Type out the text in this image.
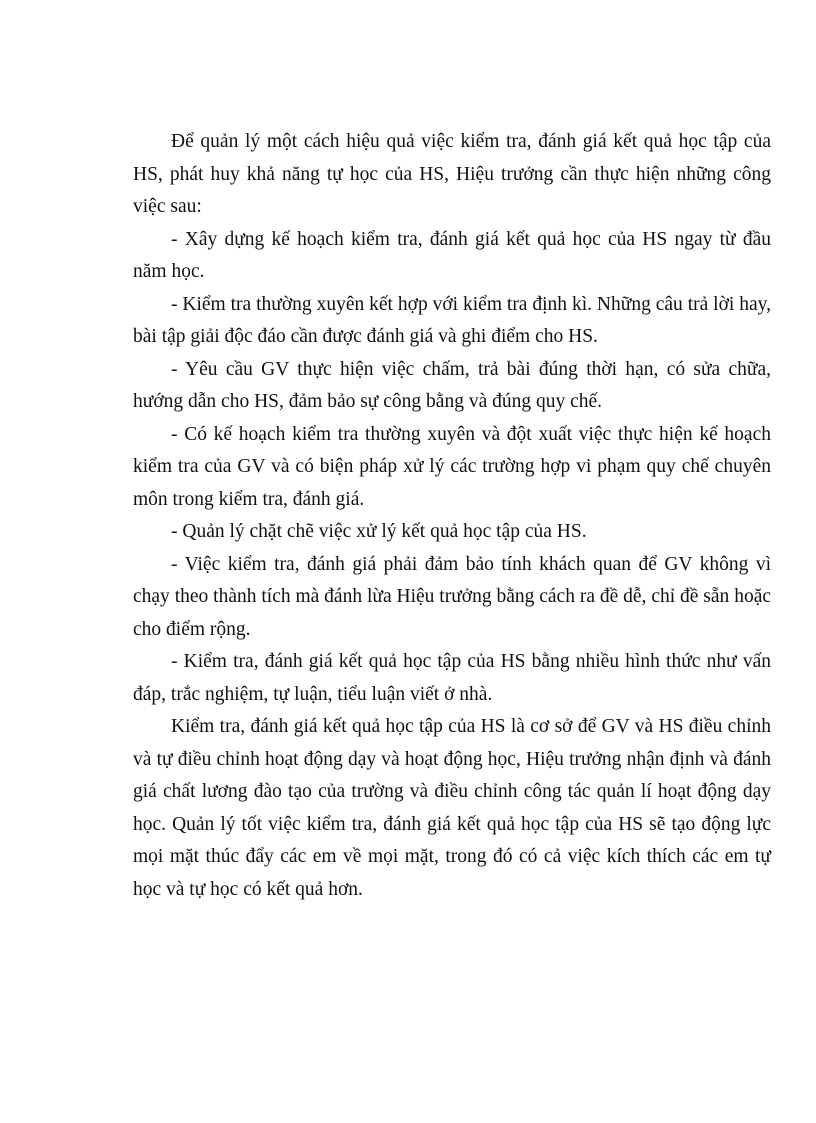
Để quản lý một cách hiệu quả việc kiểm tra, đánh giá kết quả học tập của HS, phát huy khả năng tự học của HS, Hiệu trưởng cần thực hiện những công việc sau:

- Xây dựng kế hoạch kiểm tra, đánh giá kết quả học của HS ngay từ đầu năm học.

- Kiểm tra thường xuyên kết hợp với kiểm tra định kì. Những câu trả lời hay, bài tập giải độc đáo cần được đánh giá và ghi điểm cho HS.

- Yêu cầu GV thực hiện việc chấm, trả bài đúng thời hạn, có sửa chữa, hướng dẫn cho HS, đảm bảo sự công bằng và đúng quy chế.

- Có kế hoạch kiểm tra thường xuyên và đột xuất việc thực hiện kế hoạch kiểm tra của GV và có biện pháp xử lý các trường hợp vi phạm quy chế chuyên môn trong kiểm tra, đánh giá.

- Quản lý chặt chẽ việc xử lý kết quả học tập của HS.

- Việc kiểm tra, đánh giá phải đảm bảo tính khách quan để GV không vì chạy theo thành tích mà đánh lừa Hiệu trưởng bằng cách ra đề dễ, chỉ đề sẵn hoặc cho điểm rộng.

- Kiểm tra, đánh giá kết quả học tập của HS bằng nhiều hình thức như vấn đáp, trắc nghiệm, tự luận, tiểu luận viết ở nhà.

Kiểm tra, đánh giá kết quả học tập của HS là cơ sở để GV và HS điều chỉnh và tự điều chỉnh hoạt động dạy và hoạt động học, Hiệu trưởng nhận định và đánh giá chất lương đào tạo của trường và điều chỉnh công tác quản lí hoạt động dạy học. Quản lý tốt việc kiểm tra, đánh giá kết quả học tập của HS sẽ tạo động lực mọi mặt thúc đẩy các em về mọi mặt, trong đó có cả việc kích thích các em tự học và tự học có kết quả hơn.
